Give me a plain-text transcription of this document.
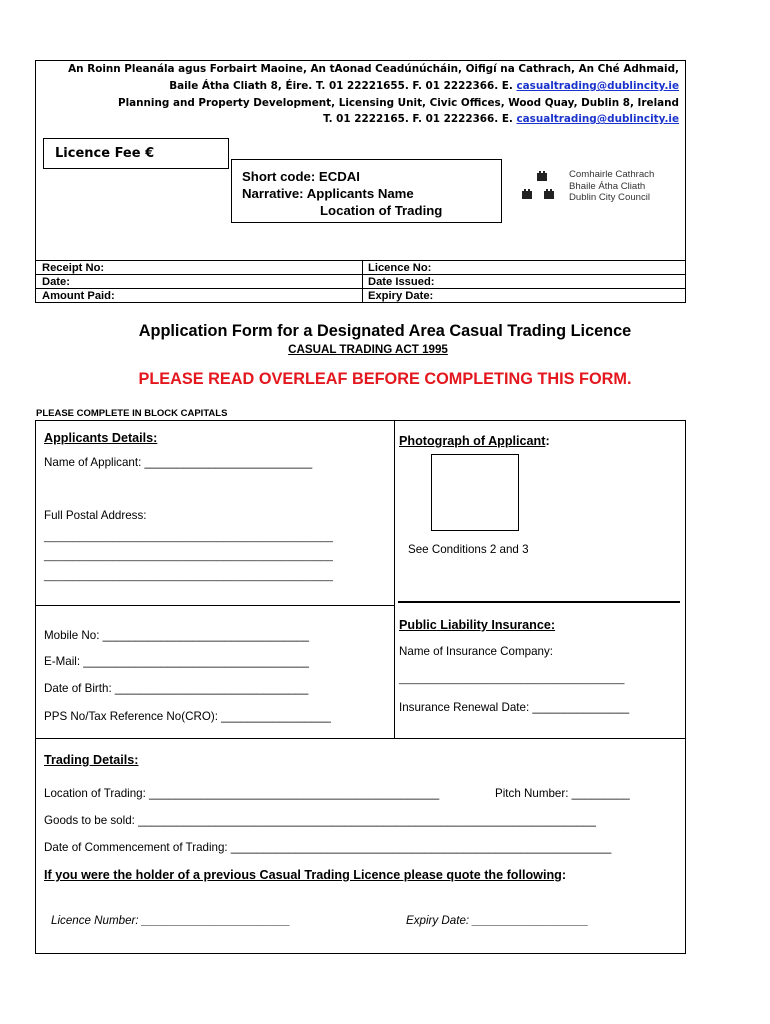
An Roinn Pleanála agus Forbairt Maoine, An tAonad Ceadúnúcháin, Oifigí na Cathrach, An Ché Adhmaid,
Baile Átha Cliath 8, Éire. T. 01 22221655. F. 01 2222366. E. casualtrading@dublincity.ie
Planning and Property Development, Licensing Unit, Civic Offices, Wood Quay, Dublin 8, Ireland
T. 01 2222165. F. 01 2222366. E. casualtrading@dublincity.ie
Licence Fee €
Short code: ECDAI
Narrative: Applicants Name
Location of Trading
Comhairle Cathrach
Bhaile Átha Cliath
Dublin City Council
Receipt No:
Date:
Amount Paid:
Licence No:
Date Issued:
Expiry Date:
Application Form for a Designated Area Casual Trading Licence
CASUAL TRADING ACT 1995
PLEASE READ OVERLEAF BEFORE COMPLETING THIS FORM.
PLEASE COMPLETE IN BLOCK CAPITALS
Applicants Details:
Name of Applicant: __________________________
Full Postal Address:
__________________________________________________
__________________________________________________
__________________________________________________
Mobile No: ________________________________
E-Mail: ___________________________________
Date of Birth: ______________________________
PPS No/Tax Reference No(CRO): _________________
Photograph of Applicant:
See Conditions 2 and 3
Public Liability Insurance:
Name of Insurance Company:
_______________________________________
Insurance Renewal Date: _______________
Trading Details:
Location of Trading: _____________________________________________	Pitch Number: _________
Goods to be sold: _______________________________________________________________________
Date of Commencement of Trading: ___________________________________________________________
If you were the holder of a previous Casual Trading Licence please quote the following:
Licence Number: _______________________	Expiry Date: __________________
